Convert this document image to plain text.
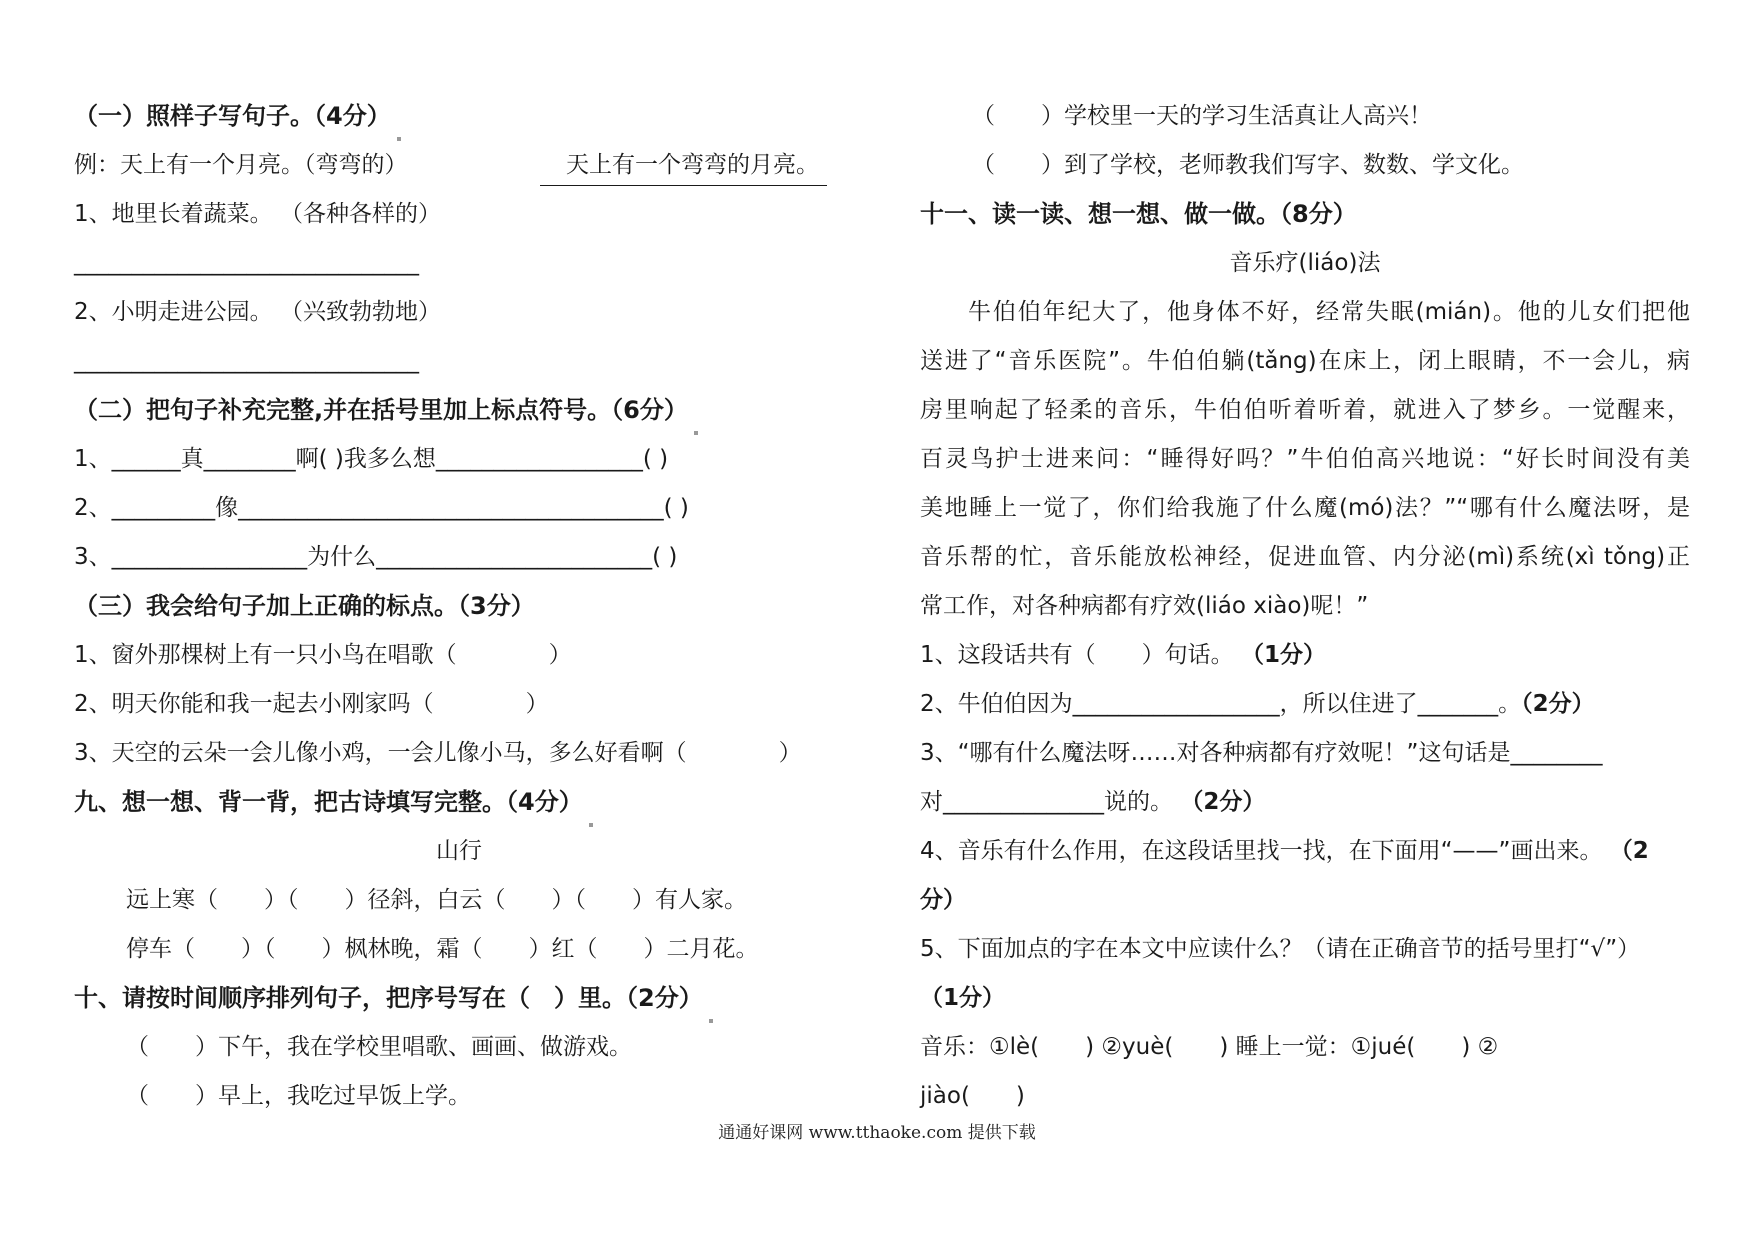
（一）照样子写句子。（4分）
例：天上有一个月亮。（弯弯的）	天上有一个弯弯的月亮。
1、地里长着蔬菜。 （各种各样的）
______________________________
2、小明走进公园。 （兴致勃勃地）
______________________________
（二）把句子补充完整,并在括号里加上标点符号。（6分）
1、______真________啊( )我多么想__________________( )
2、_________像_____________________________________( )
3、_________________为什么________________________( )
（三）我会给句子加上正确的标点。（3分）
1、窗外那棵树上有一只小鸟在唱歌（　　　　）
2、明天你能和我一起去小刚家吗（　　　　）
3、天空的云朵一会儿像小鸡，一会儿像小马，多么好看啊（　　　　）
九、想一想、背一背，把古诗填写完整。（4分）
山行
远上寒（　　）（　　）径斜，白云（　　）（　　）有人家。
停车（　　）（　　）枫林晚，霜（　　）红（　　）二月花。
十、请按时间顺序排列句子，把序号写在（　）里。（2分）
（　　）下午，我在学校里唱歌、画画、做游戏。
（　　）早上，我吃过早饭上学。
（　　）学校里一天的学习生活真让人高兴！
（　　）到了学校，老师教我们写字、数数、学文化。
十一、读一读、想一想、做一做。（8分）
音乐疗(liáo)法
牛伯伯年纪大了，他身体不好，经常失眠(mián)。他的儿女们把他
送进了“音乐医院”。牛伯伯躺(tǎng)在床上，闭上眼睛，不一会儿，病
房里响起了轻柔的音乐，牛伯伯听着听着，就进入了梦乡。一觉醒来，
百灵鸟护士进来问：“睡得好吗？”牛伯伯高兴地说：“好长时间没有美
美地睡上一觉了，你们给我施了什么魔(mó)法？”“哪有什么魔法呀，是
音乐帮的忙，音乐能放松神经，促进血管、内分泌(mì)系统(xì tǒng)正
常工作，对各种病都有疗效(liáo xiào)呢！”
1、这段话共有（　　）句话。 （1分）
2、牛伯伯因为__________________，所以住进了_______。（2分）
3、“哪有什么魔法呀……对各种病都有疗效呢！”这句话是________
对______________说的。 （2分）
4、音乐有什么作用，在这段话里找一找，在下面用“——”画出来。 （2
分）
5、下面加点的字在本文中应读什么？（请在正确音节的括号里打“√”）
（1分）
音乐：①lè(　　) ②yuè(　　) 睡上一觉：①jué(　　) ②
jiào(　　)
通通好课网 www.tthaoke.com 提供下载
